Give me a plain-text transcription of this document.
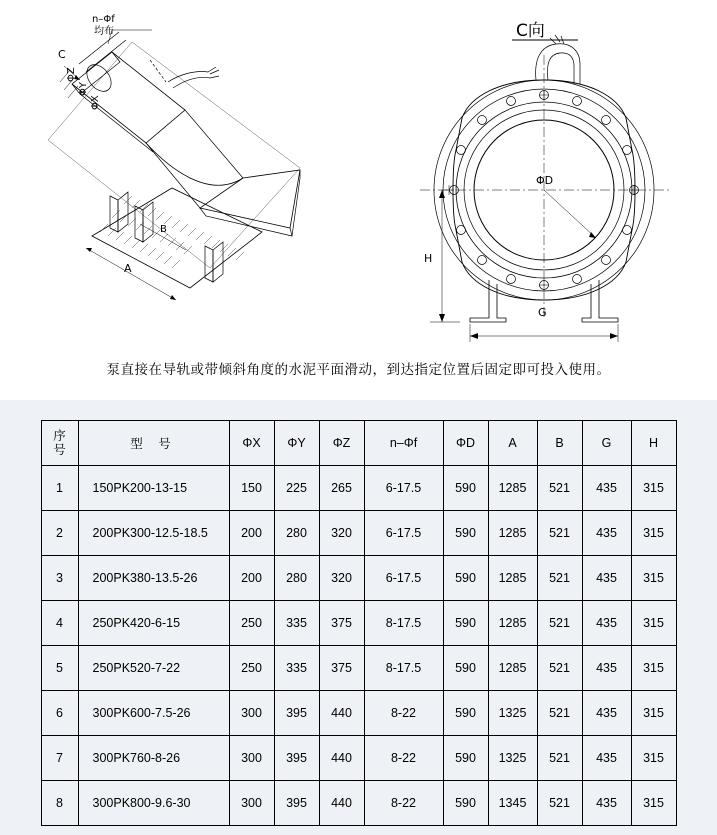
n–Φf
均布
C
ΦZ
ΦY
ΦX
A
B
C向
ΦD
H
G
泵直接在导轨或带倾斜角度的水泥平面滑动，到达指定位置后固定即可投入使用。
序
号	型 号	ΦX	ΦY	ΦZ	n–Φf	ΦD	A	B	G	H
1	150PK200-13-15	150	225	265	6-17.5	590	1285	521	435	315
2	200PK300-12.5-18.5	200	280	320	6-17.5	590	1285	521	435	315
3	200PK380-13.5-26	200	280	320	6-17.5	590	1285	521	435	315
4	250PK420-6-15	250	335	375	8-17.5	590	1285	521	435	315
5	250PK520-7-22	250	335	375	8-17.5	590	1285	521	435	315
6	300PK600-7.5-26	300	395	440	8-22	590	1325	521	435	315
7	300PK760-8-26	300	395	440	8-22	590	1325	521	435	315
8	300PK800-9.6-30	300	395	440	8-22	590	1345	521	435	315
